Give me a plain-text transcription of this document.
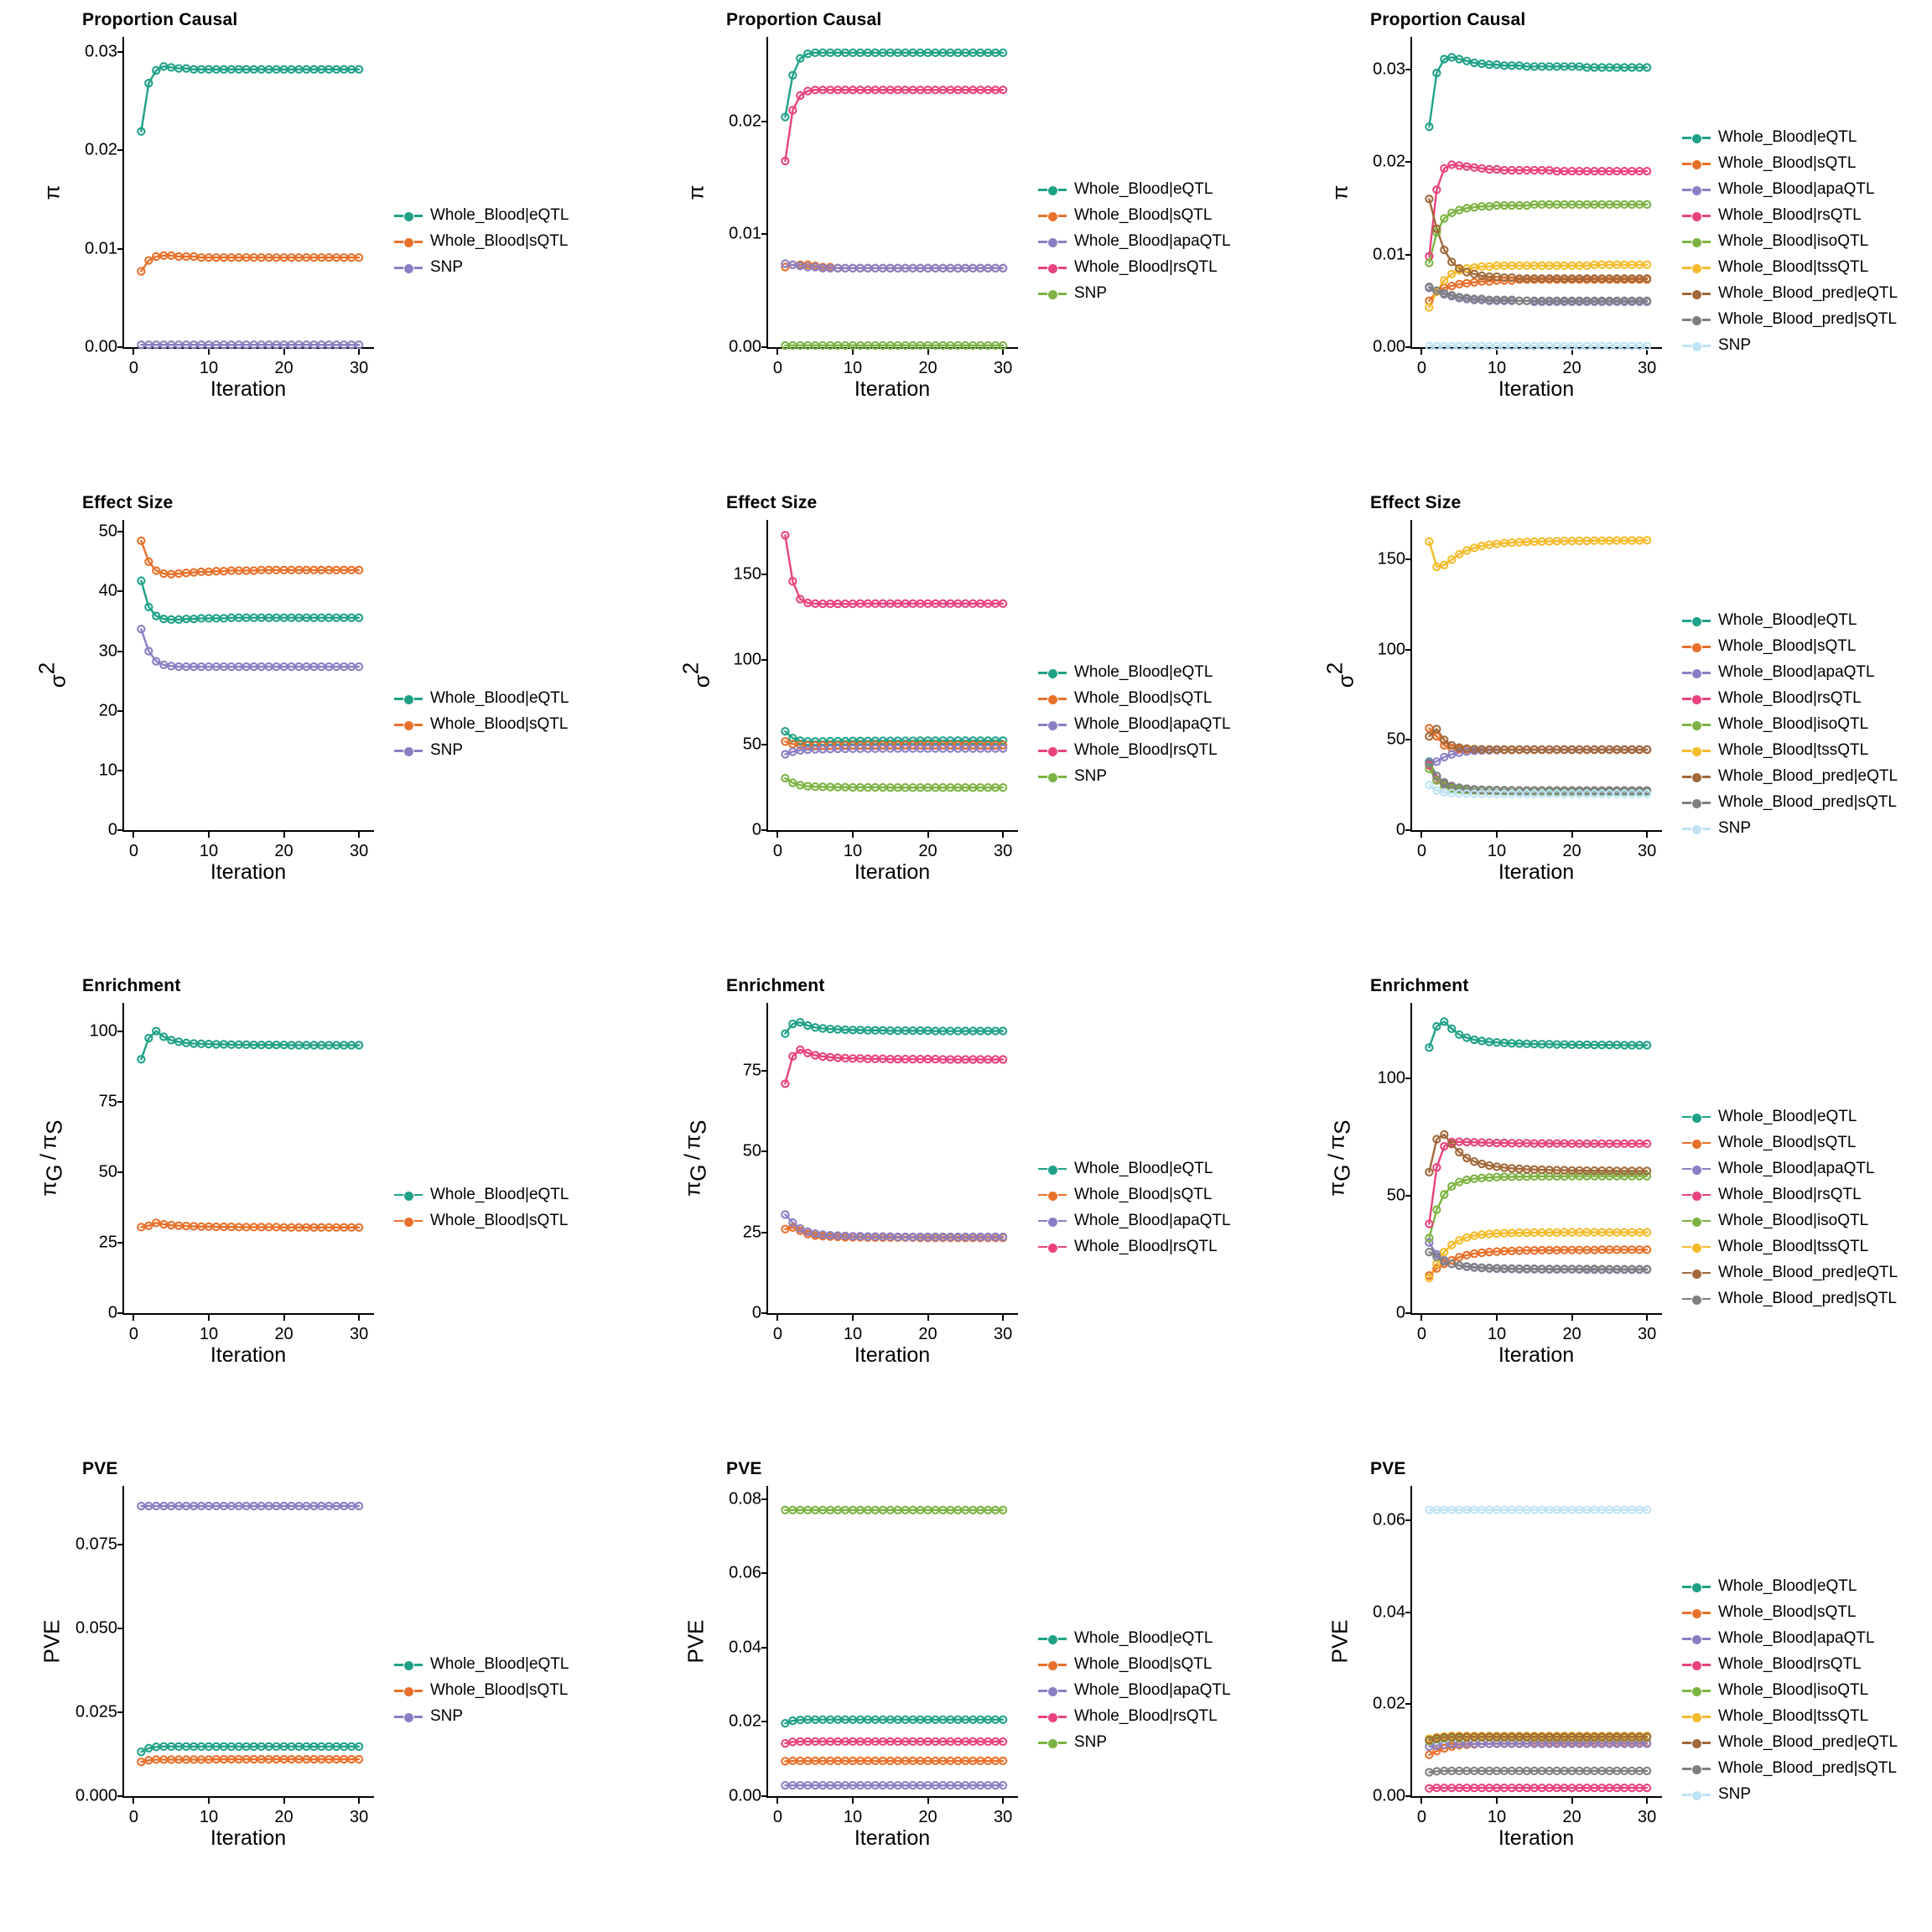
Proportion Causal
π
0.00
0.01
0.02
0.03
0	10	20	30
Iteration
Whole_Blood|eQTL
Whole_Blood|sQTL
SNP
Proportion Causal
π
0.00
0.01
0.02
0	10	20	30
Iteration
Whole_Blood|eQTL
Whole_Blood|sQTL
Whole_Blood|apaQTL
Whole_Blood|rsQTL
SNP
Proportion Causal
π
0.00
0.01
0.02
0.03
0	10	20	30
Iteration
Whole_Blood|eQTL
Whole_Blood|sQTL
Whole_Blood|apaQTL
Whole_Blood|rsQTL
Whole_Blood|isoQTL
Whole_Blood|tssQTL
Whole_Blood_pred|eQTL
Whole_Blood_pred|sQTL
SNP
Effect Size
σ2
0
10
20
30
40
50
0	10	20	30
Iteration
Whole_Blood|eQTL
Whole_Blood|sQTL
SNP
Effect Size
σ2
0
50
100
150
0	10	20	30
Iteration
Whole_Blood|eQTL
Whole_Blood|sQTL
Whole_Blood|apaQTL
Whole_Blood|rsQTL
SNP
Effect Size
σ2
0
50
100
150
0	10	20	30
Iteration
Whole_Blood|eQTL
Whole_Blood|sQTL
Whole_Blood|apaQTL
Whole_Blood|rsQTL
Whole_Blood|isoQTL
Whole_Blood|tssQTL
Whole_Blood_pred|eQTL
Whole_Blood_pred|sQTL
SNP
Enrichment
πG / πS
0
25
50
75
100
0	10	20	30
Iteration
Whole_Blood|eQTL
Whole_Blood|sQTL
Enrichment
πG / πS
0
25
50
75
0	10	20	30
Iteration
Whole_Blood|eQTL
Whole_Blood|sQTL
Whole_Blood|apaQTL
Whole_Blood|rsQTL
Enrichment
πG / πS
0
50
100
0	10	20	30
Iteration
Whole_Blood|eQTL
Whole_Blood|sQTL
Whole_Blood|apaQTL
Whole_Blood|rsQTL
Whole_Blood|isoQTL
Whole_Blood|tssQTL
Whole_Blood_pred|eQTL
Whole_Blood_pred|sQTL
PVE
PVE
0.000
0.025
0.050
0.075
0	10	20	30
Iteration
Whole_Blood|eQTL
Whole_Blood|sQTL
SNP
PVE
PVE
0.00
0.02
0.04
0.06
0.08
0	10	20	30
Iteration
Whole_Blood|eQTL
Whole_Blood|sQTL
Whole_Blood|apaQTL
Whole_Blood|rsQTL
SNP
PVE
PVE
0.00
0.02
0.04
0.06
0	10	20	30
Iteration
Whole_Blood|eQTL
Whole_Blood|sQTL
Whole_Blood|apaQTL
Whole_Blood|rsQTL
Whole_Blood|isoQTL
Whole_Blood|tssQTL
Whole_Blood_pred|eQTL
Whole_Blood_pred|sQTL
SNP
